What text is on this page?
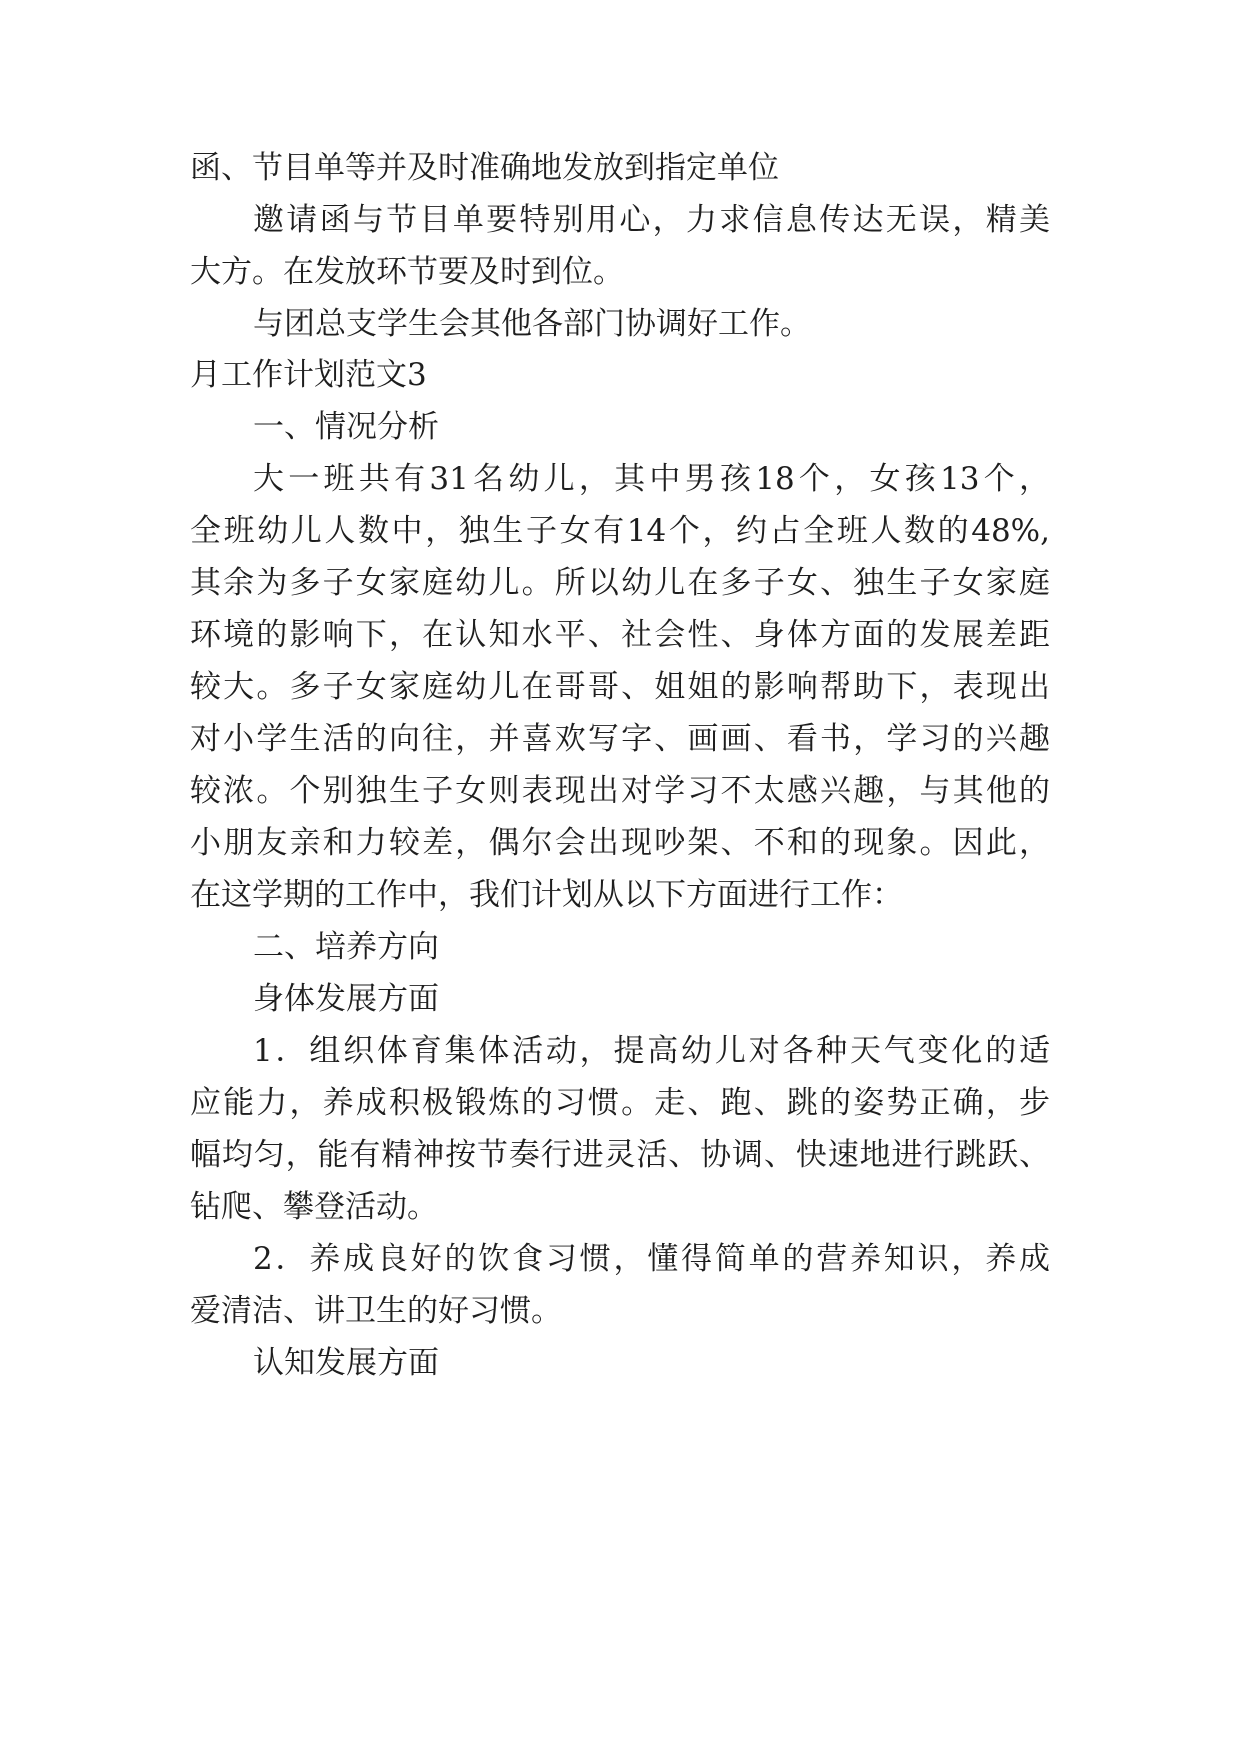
函、节目单等并及时准确地发放到指定单位
邀请函与节目单要特别用心，力求信息传达无误，精美
大方。在发放环节要及时到位。
与团总支学生会其他各部门协调好工作。
月工作计划范文3
一、情况分析
大一班共有31名幼儿，其中男孩18个，女孩13个，
全班幼儿人数中，独生子女有14个，约占全班人数的48%,
其余为多子女家庭幼儿。所以幼儿在多子女、独生子女家庭
环境的影响下，在认知水平、社会性、身体方面的发展差距
较大。多子女家庭幼儿在哥哥、姐姐的影响帮助下，表现出
对小学生活的向往，并喜欢写字、画画、看书，学习的兴趣
较浓。个别独生子女则表现出对学习不太感兴趣，与其他的
小朋友亲和力较差，偶尔会出现吵架、不和的现象。因此，
在这学期的工作中，我们计划从以下方面进行工作：
二、培养方向
身体发展方面
1．组织体育集体活动，提高幼儿对各种天气变化的适
应能力，养成积极锻炼的习惯。走、跑、跳的姿势正确，步
幅均匀，能有精神按节奏行进灵活、协调、快速地进行跳跃、
钻爬、攀登活动。
2．养成良好的饮食习惯，懂得简单的营养知识，养成
爱清洁、讲卫生的好习惯。
认知发展方面
